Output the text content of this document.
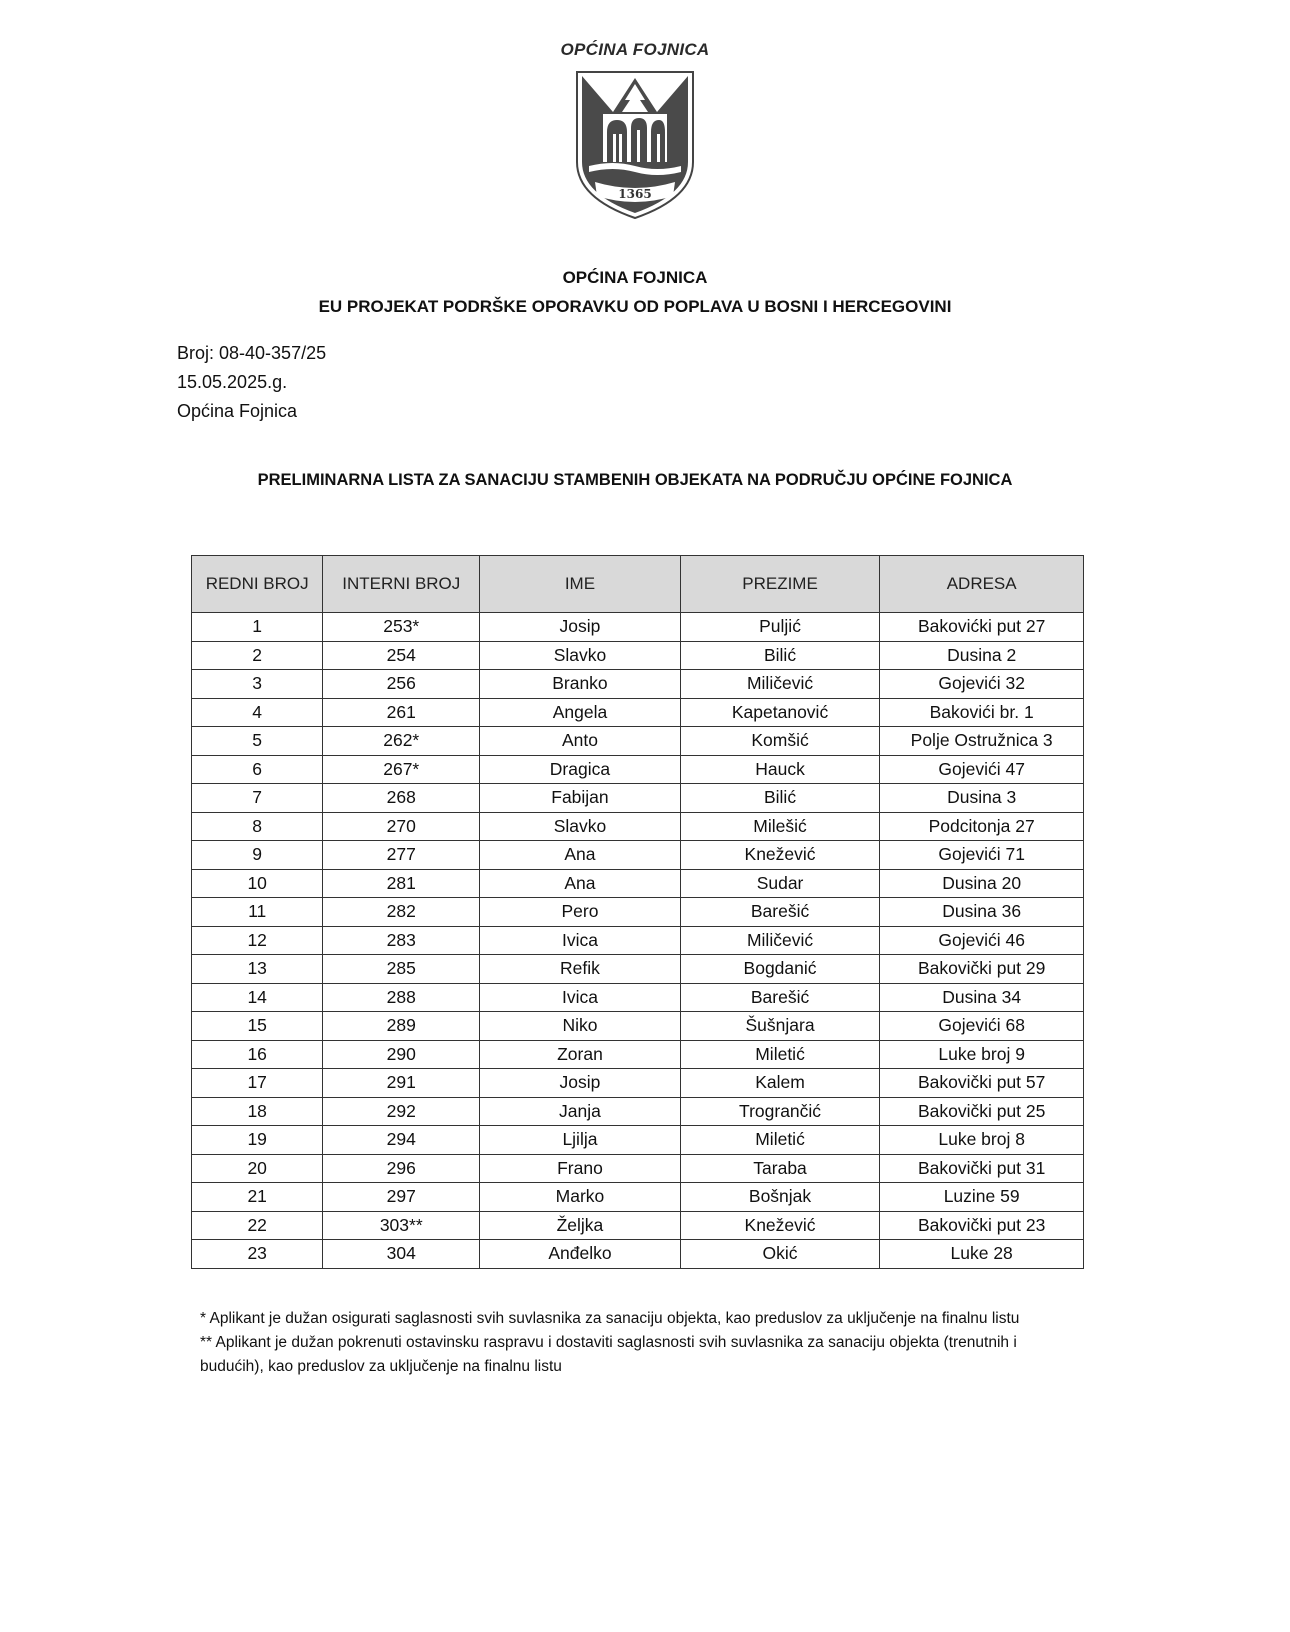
OPĆINA FOJNICA
1365
OPĆINA FOJNICA
EU PROJEKAT PODRŠKE OPORAVKU OD POPLAVA U BOSNI I HERCEGOVINI
Broj: 08-40-357/25
15.05.2025.g.
Općina Fojnica
PRELIMINARNA LISTA ZA SANACIJU STAMBENIH OBJEKATA NA PODRUČJU OPĆINE FOJNICA
REDNI BROJ	INTERNI BROJ	IME	PREZIME	ADRESA
1	253*	Josip	Puljić	Bakovićki put 27
2	254	Slavko	Bilić	Dusina 2
3	256	Branko	Miličević	Gojevići 32
4	261	Angela	Kapetanović	Bakovići br. 1
5	262*	Anto	Komšić	Polje Ostružnica 3
6	267*	Dragica	Hauck	Gojevići 47
7	268	Fabijan	Bilić	Dusina 3
8	270	Slavko	Milešić	Podcitonja 27
9	277	Ana	Knežević	Gojevići 71
10	281	Ana	Sudar	Dusina 20
11	282	Pero	Barešić	Dusina 36
12	283	Ivica	Miličević	Gojevići 46
13	285	Refik	Bogdanić	Bakovički put 29
14	288	Ivica	Barešić	Dusina 34
15	289	Niko	Šušnjara	Gojevići 68
16	290	Zoran	Miletić	Luke broj 9
17	291	Josip	Kalem	Bakovički put 57
18	292	Janja	Trogrančić	Bakovički put 25
19	294	Ljilja	Miletić	Luke broj 8
20	296	Frano	Taraba	Bakovički put 31
21	297	Marko	Bošnjak	Luzine 59
22	303**	Željka	Knežević	Bakovički put 23
23	304	Anđelko	Okić	Luke 28

* Aplikant je dužan osigurati saglasnosti svih suvlasnika za sanaciju objekta, kao preduslov za uključenje na finalnu listu

** Aplikant je dužan pokrenuti ostavinsku raspravu i dostaviti saglasnosti svih suvlasnika za sanaciju objekta (trenutnih i budućih), kao preduslov za uključenje na finalnu listu
